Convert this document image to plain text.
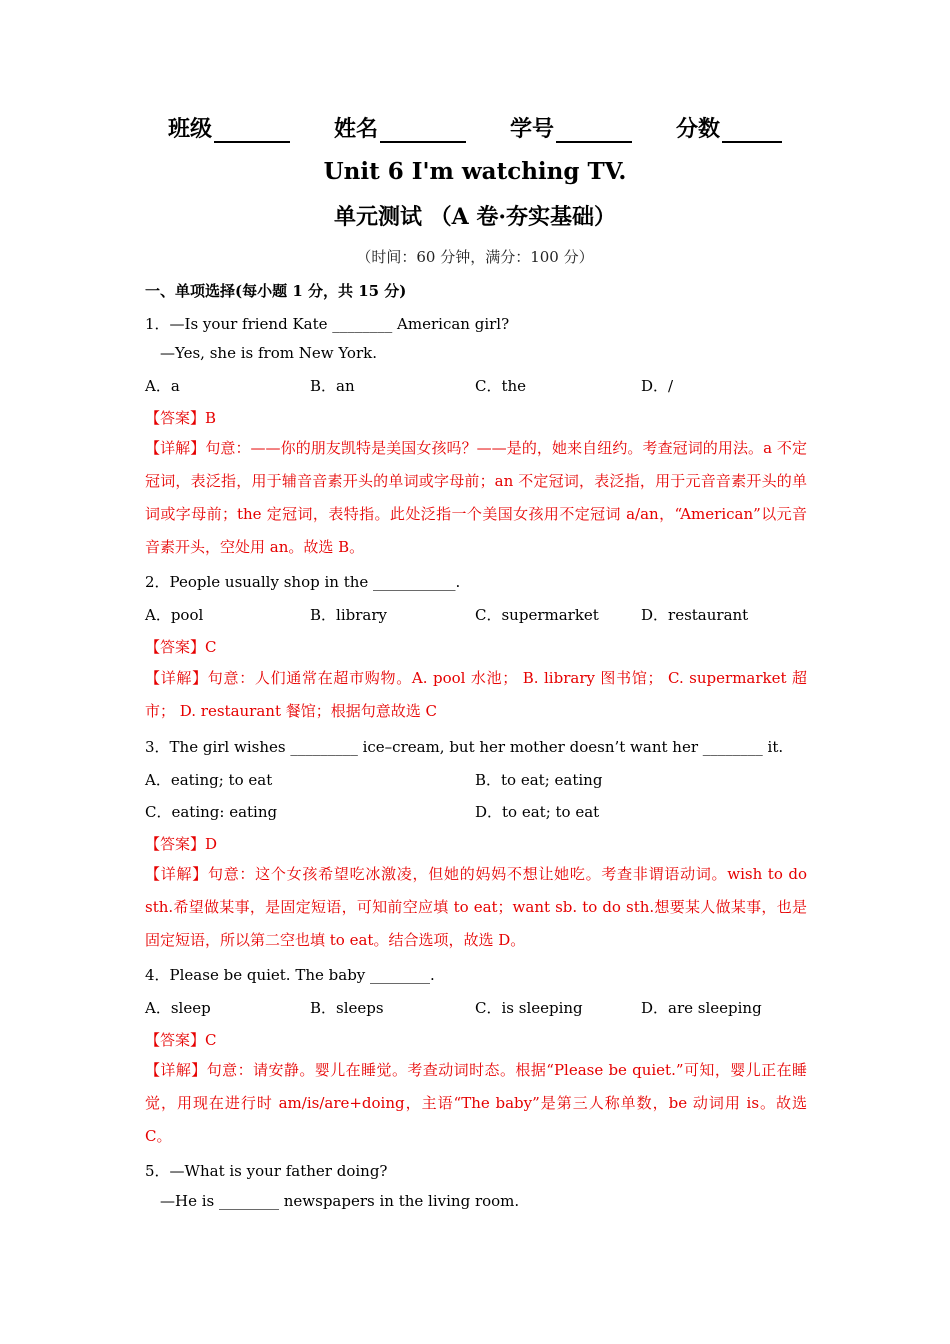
班级	姓名	学号	分数
Unit 6 I'm watching TV.
单元测试 （A 卷·夯实基础）
（时间：60 分钟，满分：100 分）
一、单项选择(每小题 1 分，共 15 分)
1．—Is your friend Kate ________ American girl?
—Yes, she is from New York.
A．a	B．an	C．the	D．/
【答案】B
【详解】句意：——你的朋友凯特是美国女孩吗？——是的，她来自纽约。考查冠词的用法。a 不定冠词，表泛指，用于辅音音素开头的单词或字母前；an 不定冠词，表泛指，用于元音音素开头的单词或字母前；the 定冠词，表特指。此处泛指一个美国女孩用不定冠词 a/an，“American”以元音音素开头，空处用 an。故选 B。
2．People usually shop in the ___________.
A．pool	B．library	C．supermarket	D．restaurant
【答案】C
【详解】句意：人们通常在超市购物。A. pool 水池； B. library 图书馆； C. supermarket 超市； D. restaurant 餐馆；根据句意故选 C
3．The girl wishes _________ ice–cream, but her mother doesn’t want her ________ it.
A．eating; to eat	B．to eat; eating
C．eating: eating	D．to eat; to eat
【答案】D
【详解】句意：这个女孩希望吃冰激凌，但她的妈妈不想让她吃。考查非谓语动词。wish to do sth.希望做某事，是固定短语，可知前空应填 to eat；want sb. to do sth.想要某人做某事，也是固定短语，所以第二空也填 to eat。结合选项，故选 D。
4．Please be quiet. The baby ________.
A．sleep	B．sleeps	C．is sleeping	D．are sleeping
【答案】C
【详解】句意：请安静。婴儿在睡觉。考查动词时态。根据“Please be quiet.”可知，婴儿正在睡觉，用现在进行时 am/is/are+doing，主语“The baby”是第三人称单数，be 动词用 is。故选 C。
5．—What is your father doing?
—He is ________ newspapers in the living room.
